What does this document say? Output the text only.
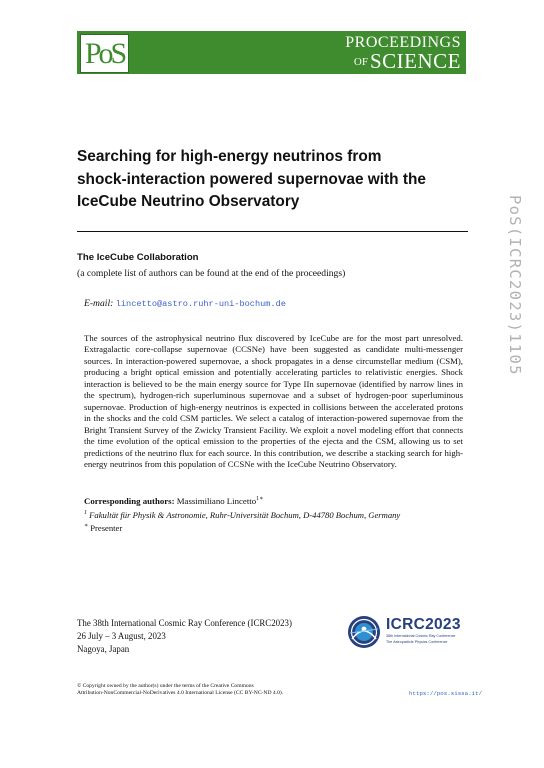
PoS	PROCEEDINGS
OFSCIENCE
Searching for high-energy neutrinos from
shock-interaction powered supernovae with the
IceCube Neutrino Observatory
The IceCube Collaboration
(a complete list of authors can be found at the end of the proceedings)
E-mail: lincetto@astro.ruhr-uni-bochum.de
The sources of the astrophysical neutrino flux discovered by IceCube are for the most part unresolved. Extragalactic core-collapse supernovae (CCSNe) have been suggested as candidate multi-messenger sources. In interaction-powered supernovae, a shock propagates in a dense circumstellar medium (CSM), producing a bright optical emission and potentially accelerating particles to relativistic energies. Shock interaction is believed to be the main energy source for Type IIn supernovae (identified by narrow lines in the spectrum), hydrogen-rich superluminous supernovae and a subset of hydrogen-poor superluminous supernovae. Production of high-energy neutrinos is expected in collisions between the accelerated protons in the shocks and the cold CSM particles. We select a catalog of interaction-powered supernovae from the Bright Transient Survey of the Zwicky Transient Facility. We exploit a novel modeling effort that connects the time evolution of the optical emission to the properties of the ejecta and the CSM, allowing us to set predictions of the neutrino flux for each source. In this contribution, we describe a stacking search for high-energy neutrinos from this population of CCSNe with the IceCube Neutrino Observatory.
Corresponding authors: Massimiliano Lincetto$^{1∗}$
$^1$ Fakultät für Physik & Astronomie, Ruhr-Universität Bochum, D-44780 Bochum, Germany
∗ Presenter
The 38th International Cosmic Ray Conference (ICRC2023)
26 July – 3 August, 2023
Nagoya, Japan
ICRC2023
38th International Cosmic Ray Conference
The Astroparticle Physics Conference
© Copyright owned by the author(s) under the terms of the Creative Commons
Attribution-NonCommercial-NoDerivatives 4.0 International License (CC BY-NC-ND 4.0).	https://pos.sissa.it/
PoS(ICRC2023)1105
